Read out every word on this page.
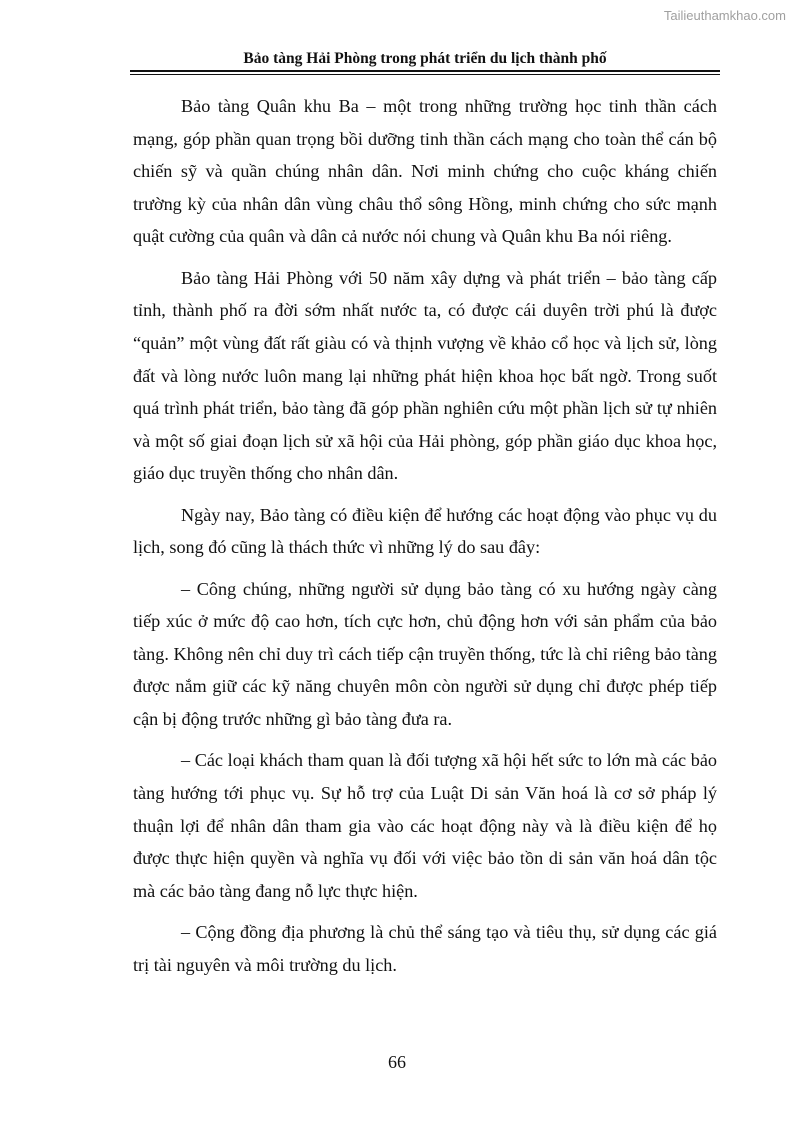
Tailieuthamkhao.com
Bảo tàng Hải Phòng trong phát triển du lịch thành phố

Bảo tàng Quân khu Ba – một trong những trường học tinh thần cách mạng, góp phần quan trọng bồi dưỡng tinh thần cách mạng cho toàn thể cán bộ chiến sỹ và quần chúng nhân dân. Nơi minh chứng cho cuộc kháng chiến trường kỳ của nhân dân vùng châu thổ sông Hồng, minh chứng cho sức mạnh quật cường của quân và dân cả nước nói chung và Quân khu Ba nói riêng.

Bảo tàng Hải Phòng với 50 năm xây dựng và phát triển – bảo tàng cấp tỉnh, thành phố ra đời sớm nhất nước ta, có được cái duyên trời phú là được “quản” một vùng đất rất giàu có và thịnh vượng về khảo cổ học và lịch sử, lòng đất và lòng nước luôn mang lại những phát hiện khoa học bất ngờ. Trong suốt quá trình phát triển, bảo tàng đã góp phần nghiên cứu một phần lịch sử tự nhiên và một số giai đoạn lịch sử xã hội của Hải phòng, góp phần giáo dục khoa học, giáo dục truyền thống cho nhân dân.

Ngày nay, Bảo tàng có điều kiện để hướng các hoạt động vào phục vụ du lịch, song đó cũng là thách thức vì những lý do sau đây:

– Công chúng, những người sử dụng bảo tàng có xu hướng ngày càng tiếp xúc ở mức độ cao hơn, tích cực hơn, chủ động hơn với sản phẩm của bảo tàng. Không nên chỉ duy trì cách tiếp cận truyền thống, tức là chỉ riêng bảo tàng được nắm giữ các kỹ năng chuyên môn còn người sử dụng chỉ được phép tiếp cận bị động trước những gì bảo tàng đưa ra.

– Các loại khách tham quan là đối tượng xã hội hết sức to lớn mà các bảo tàng hướng tới phục vụ. Sự hỗ trợ của Luật Di sản Văn hoá là cơ sở pháp lý thuận lợi để nhân dân tham gia vào các hoạt động này và là điều kiện để họ được thực hiện quyền và nghĩa vụ đối với việc bảo tồn di sản văn hoá dân tộc mà các bảo tàng đang nỗ lực thực hiện.

– Cộng đồng địa phương là chủ thể sáng tạo và tiêu thụ, sử dụng các giá trị tài nguyên và môi trường du lịch.

66
